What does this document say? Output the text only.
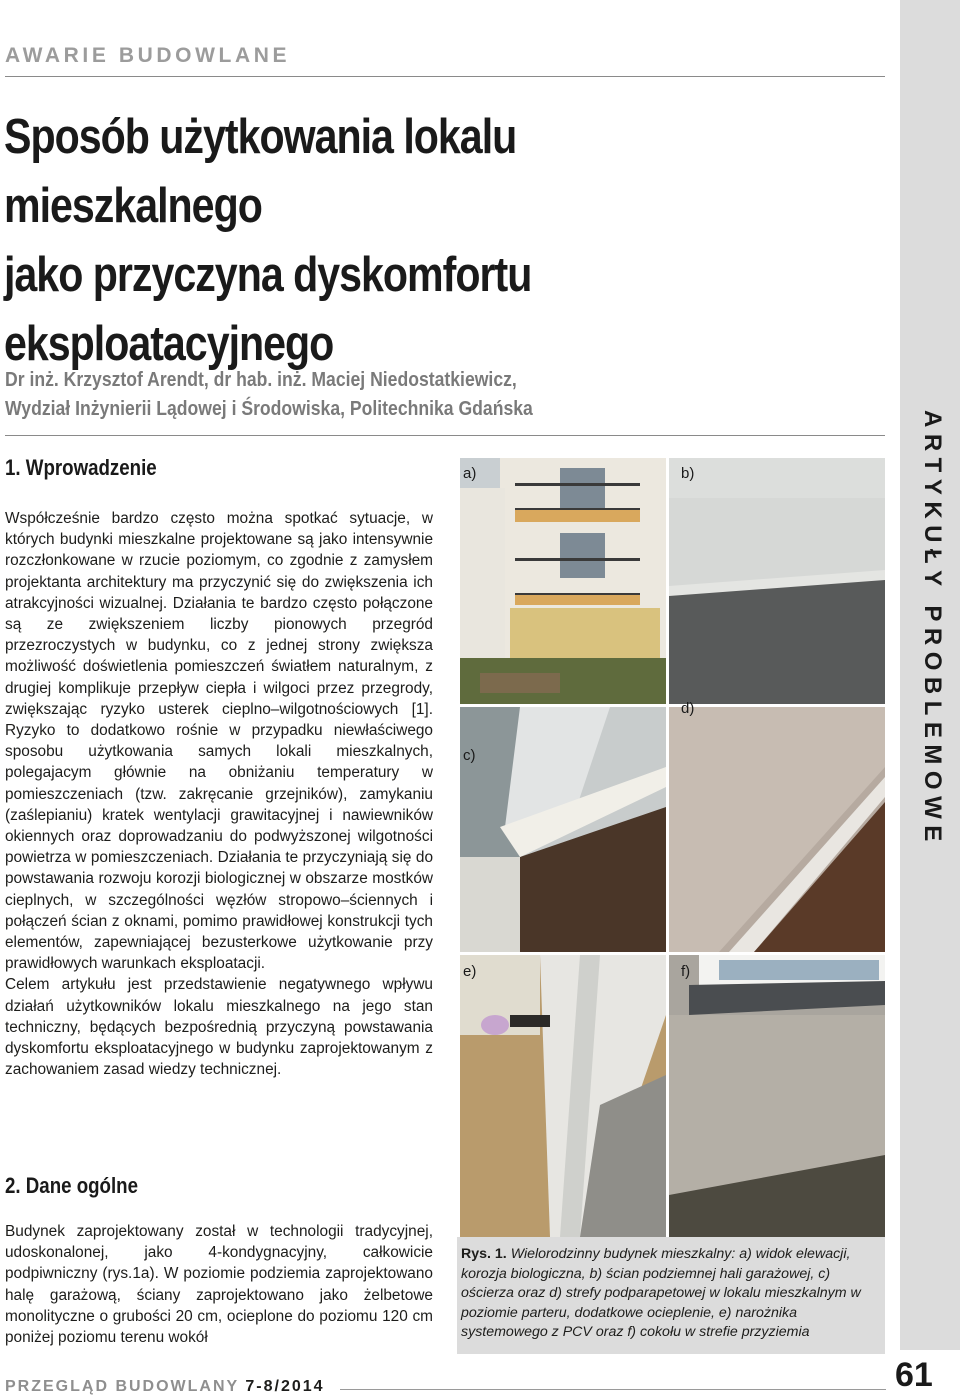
ARTYKUŁY PROBLEMOWE
AWARIE BUDOWLANE
Sposób użytkowania lokalu mieszkalnego
jako przyczyna dyskomfortu
eksploatacyjnego
Dr inż. Krzysztof Arendt, dr hab. inż. Maciej Niedostatkiewicz,
Wydział Inżynierii Lądowej i Środowiska, Politechnika Gdańska
1. Wprowadzenie

Współcześnie bardzo często można spotkać sytuacje, w których budynki mieszkalne projektowane są jako intensywnie rozczłonkowane w rzucie poziomym, co zgodnie z zamysłem projektanta architektury ma przyczynić się do zwiększenia ich atrakcyjności wizualnej. Działania te bardzo często połączone są ze zwiększeniem liczby pionowych przegród przezroczystych w budynku, co z jednej strony zwiększa możliwość doświetlenia pomieszczeń światłem naturalnym, z drugiej komplikuje przepływ ciepła i wilgoci przez przegrody, zwiększając ryzyko usterek cieplno–wilgotnościowych [1]. Ryzyko to dodatkowo rośnie w przypadku niewłaściwego sposobu użytkowania samych lokali mieszkalnych, polegajacym głównie na obniżaniu temperatury w pomieszczeniach (tzw. zakręcanie grzejników), zamykaniu (zaślepianiu) kratek wentylacji grawitacyjnej i nawiewników okiennych oraz doprowadzaniu do podwyższonej wilgotności powietrza w pomieszczeniach. Działania te przyczyniają się do powstawania rozwoju korozji biologicznej w obszarze mostków cieplnych, w szczególności węzłów stropowo–ściennych i połączeń ścian z oknami, pomimo prawidłowej konstrukcji tych elementów, zapewniającej bezusterkowe użytkowanie przy prawidłowych warunkach eksploatacji.

Celem artykułu jest przedstawienie negatywnego wpływu działań użytkowników lokalu mieszkalnego na jego stan techniczny, będących bezpośrednią przyczyną powstawania dyskomfortu eksploatacyjnego w budynku zaprojektowanym z zachowaniem zasad wiedzy technicznej.

2. Dane ogólne

Budynek zaprojektowany został w technologii tradycyjnej, udoskonalonej, jako 4-kondygnacyjny, całkowicie podpiwniczny (rys.1a). W poziomie podziemia zaprojektowano halę garażową, ściany zaprojektowano jako żelbetowe monolityczne o grubości 20 cm, ocieplone do poziomu 120 cm poniżej poziomu terenu wokół

a)	b)
c)
d)
e)	f)

Rys. 1. Wielorodzinny budynek mieszkalny: a) widok elewacji, korozja biologiczna, b) ścian podziemnej hali garażowej, c) ościerza oraz d) strefy podparapetowej w lokalu mieszkalnym w poziomie parteru, dodatkowe ocieplenie, e) narożnika systemowego z PCV oraz f) cokołu w strefie przyziemia

PRZEGLĄD BUDOWLANY 7-8/2014	61
